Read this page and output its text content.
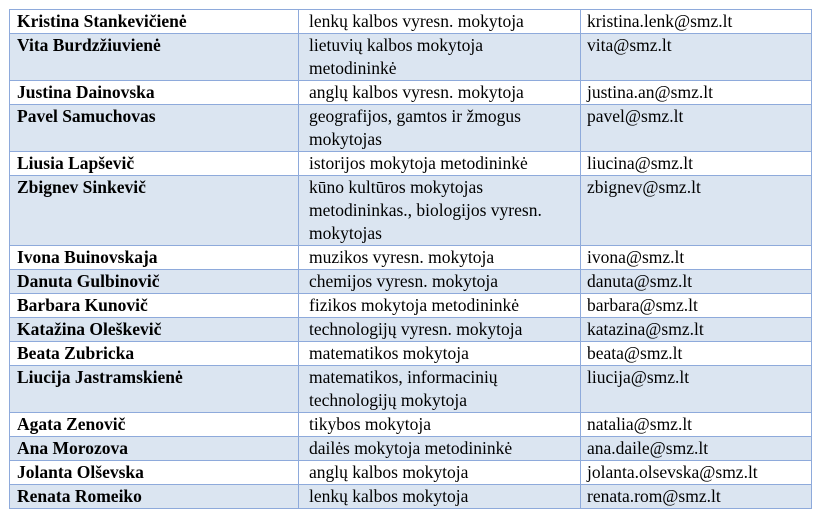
Kristina Stankevičienė	lenkų kalbos vyresn. mokytoja	kristina.lenk@smz.lt
Vita Burdzžiuvienė	lietuvių kalbos mokytoja metodininkė	vita@smz.lt
Justina Dainovska	anglų kalbos vyresn. mokytoja	justina.an@smz.lt
Pavel Samuchovas	geografijos, gamtos ir žmogus mokytojas	pavel@smz.lt
Liusia Lapševič	istorijos mokytoja metodininkė	liucina@smz.lt
Zbignev Sinkevič	kūno kultūros mokytojas metodininkas., biologijos vyresn. mokytojas	zbignev@smz.lt
Ivona Buinovskaja	muzikos vyresn. mokytoja	ivona@smz.lt
Danuta Gulbinovič	chemijos vyresn. mokytoja	danuta@smz.lt
Barbara Kunovič	fizikos mokytoja metodininkė	barbara@smz.lt
Katažina Oleškevič	technologijų vyresn. mokytoja	katazina@smz.lt
Beata Zubricka	matematikos mokytoja	beata@smz.lt
Liucija Jastramskienė	matematikos, informacinių technologijų mokytoja	liucija@smz.lt
Agata Zenovič	tikybos mokytoja	natalia@smz.lt
Ana Morozova	dailės mokytoja metodininkė	ana.daile@smz.lt
Jolanta Olševska	anglų kalbos mokytoja	jolanta.olsevska@smz.lt
Renata Romeiko	lenkų kalbos mokytoja	renata.rom@smz.lt
